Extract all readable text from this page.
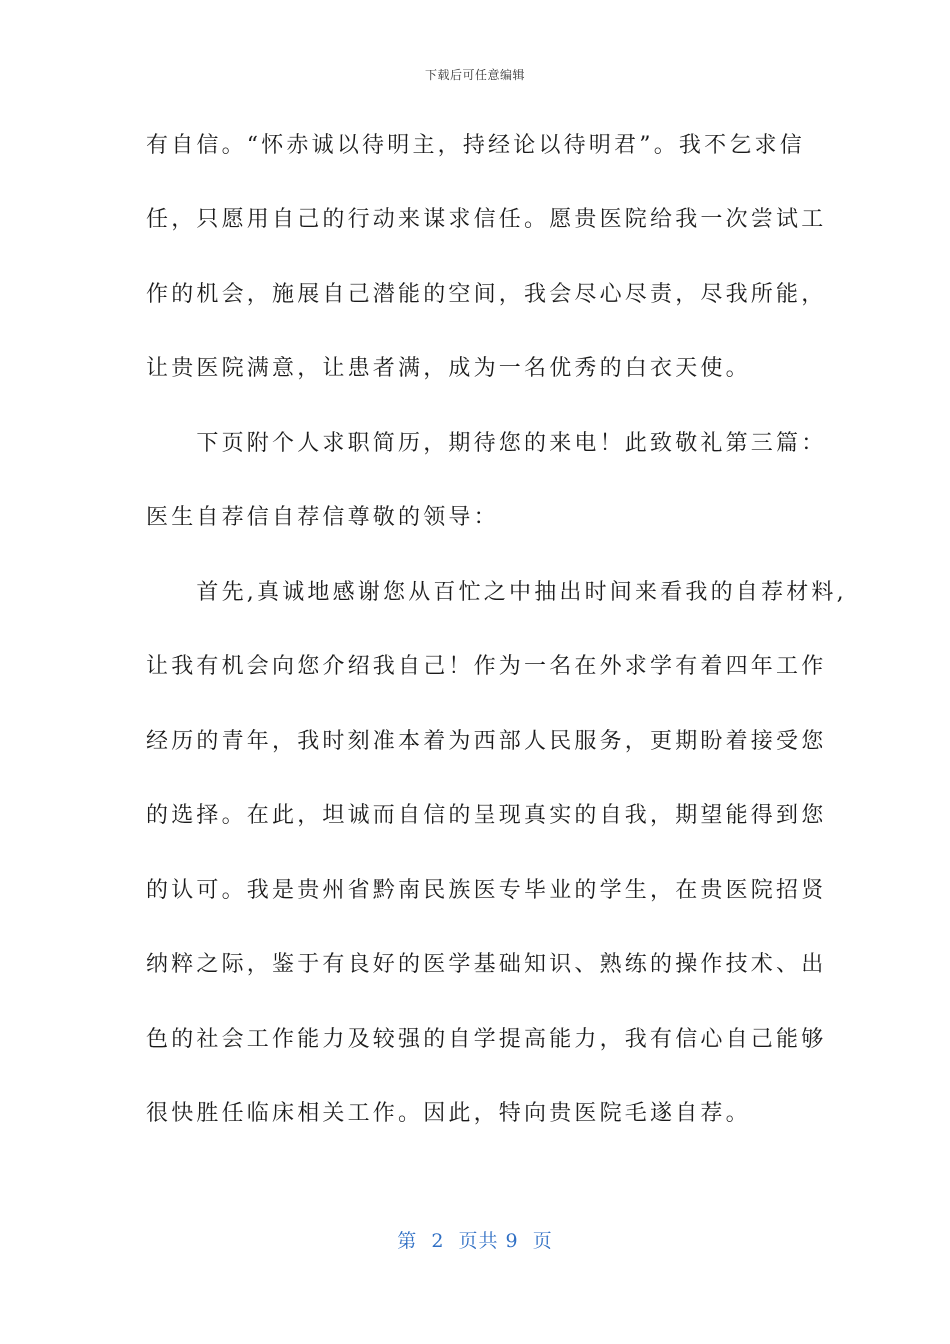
下载后可任意编辑
有自信。“怀赤诚以待明主，持经论以待明君”。我不乞求信
任，只愿用自己的行动来谋求信任。愿贵医院给我一次尝试工
作的机会，施展自己潜能的空间，我会尽心尽责，尽我所能，
让贵医院满意，让患者满，成为一名优秀的白衣天使。
　　下页附个人求职简历，期待您的来电！此致敬礼第三篇：
医生自荐信自荐信尊敬的领导：
　　首先,真诚地感谢您从百忙之中抽出时间来看我的自荐材料,
让我有机会向您介绍我自己！作为一名在外求学有着四年工作
经历的青年，我时刻准本着为西部人民服务，更期盼着接受您
的选择。在此，坦诚而自信的呈现真实的自我，期望能得到您
的认可。我是贵州省黔南民族医专毕业的学生，在贵医院招贤
纳粹之际，鉴于有良好的医学基础知识、熟练的操作技术、出
色的社会工作能力及较强的自学提高能力，我有信心自己能够
很快胜任临床相关工作。因此，特向贵医院毛遂自荐。
第  2  页共 9  页
